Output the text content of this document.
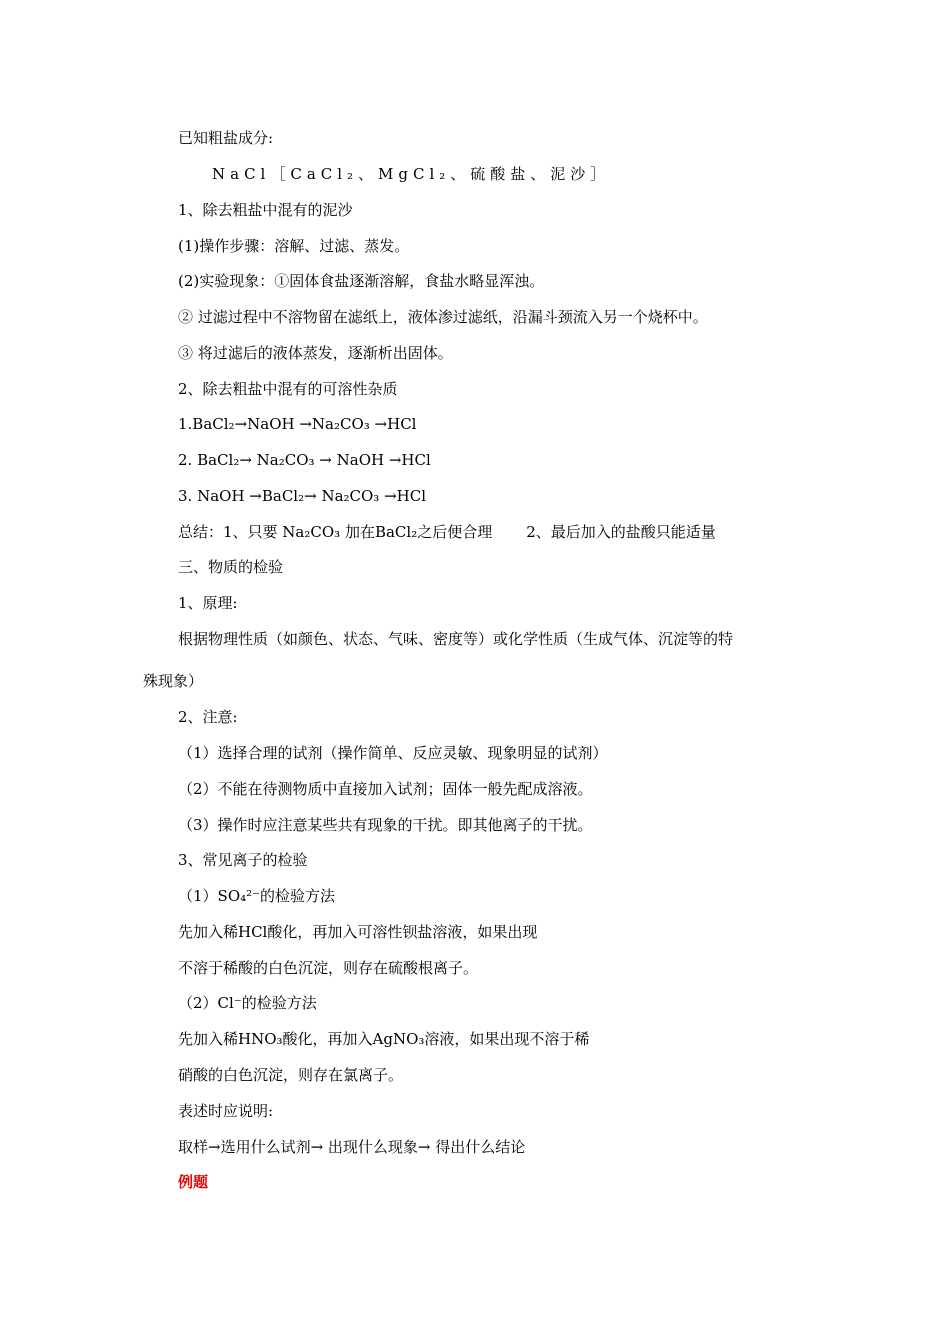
已知粗盐成分:
NaCl［CaCl₂、MgCl₂、硫酸盐、泥沙］
1、除去粗盐中混有的泥沙
(1)操作步骤：溶解、过滤、蒸发。
(2)实验现象：①固体食盐逐渐溶解，食盐水略显浑浊。
② 过滤过程中不溶物留在滤纸上，液体渗过滤纸，沿漏斗颈流入另一个烧杯中。
③ 将过滤后的液体蒸发，逐渐析出固体。
2、除去粗盐中混有的可溶性杂质
1.BaCl₂→NaOH →Na₂CO₃ →HCl
2. BaCl₂→ Na₂CO₃ → NaOH →HCl
3. NaOH →BaCl₂→ Na₂CO₃ →HCl
总结：1、只要 Na₂CO₃ 加在BaCl₂之后便合理 2、最后加入的盐酸只能适量
三、物质的检验
1、原理:
根据物理性质（如颜色、状态、气味、密度等）或化学性质（生成气体、沉淀等的特
殊现象）
2、注意:
（1）选择合理的试剂（操作简单、反应灵敏、现象明显的试剂）
（2）不能在待测物质中直接加入试剂；固体一般先配成溶液。
（3）操作时应注意某些共有现象的干扰。即其他离子的干扰。
3、常见离子的检验
（1）SO₄²⁻的检验方法
先加入稀HCl酸化，再加入可溶性钡盐溶液，如果出现
不溶于稀酸的白色沉淀，则存在硫酸根离子。
（2）Cl⁻的检验方法
先加入稀HNO₃酸化，再加入AgNO₃溶液，如果出现不溶于稀
硝酸的白色沉淀，则存在氯离子。
表述时应说明:
取样→选用什么试剂→ 出现什么现象→ 得出什么结论
例题
